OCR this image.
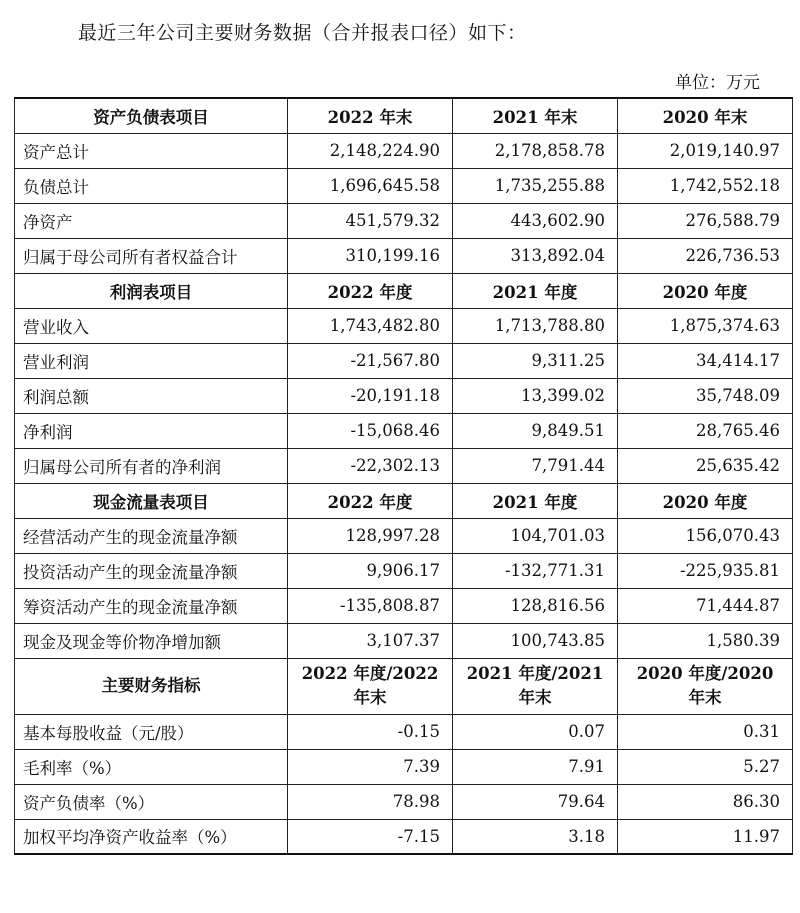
最近三年公司主要财务数据（合并报表口径）如下：
单位：万元
资产负债表项目	2022 年末	2021 年末	2020 年末
资产总计	2,148,224.90	2,178,858.78	2,019,140.97
负债总计	1,696,645.58	1,735,255.88	1,742,552.18
净资产	451,579.32	443,602.90	276,588.79
归属于母公司所有者权益合计	310,199.16	313,892.04	226,736.53
利润表项目	2022 年度	2021 年度	2020 年度
营业收入	1,743,482.80	1,713,788.80	1,875,374.63
营业利润	-21,567.80	9,311.25	34,414.17
利润总额	-20,191.18	13,399.02	35,748.09
净利润	-15,068.46	9,849.51	28,765.46
归属母公司所有者的净利润	-22,302.13	7,791.44	25,635.42
现金流量表项目	2022 年度	2021 年度	2020 年度
经营活动产生的现金流量净额	128,997.28	104,701.03	156,070.43
投资活动产生的现金流量净额	9,906.17	-132,771.31	-225,935.81
筹资活动产生的现金流量净额	-135,808.87	128,816.56	71,444.87
现金及现金等价物净增加额	3,107.37	100,743.85	1,580.39
主要财务指标	2022 年度/2022 年末	2021 年度/2021 年末	2020 年度/2020 年末
基本每股收益（元/股）	-0.15	0.07	0.31
毛利率（%）	7.39	7.91	5.27
资产负债率（%）	78.98	79.64	86.30
加权平均净资产收益率（%）	-7.15	3.18	11.97
